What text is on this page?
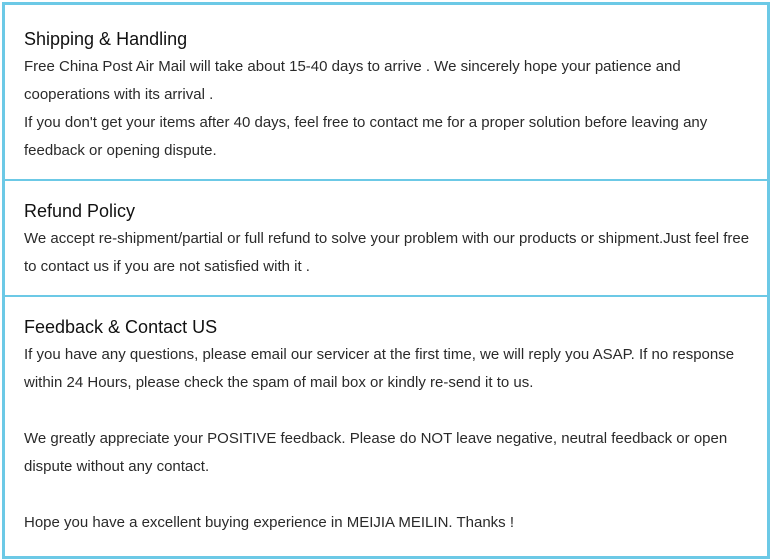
Shipping & Handling

Free China Post Air Mail will take about 15-40 days to arrive . We sincerely hope your patience and cooperations with its arrival .

If you don't get your items after 40 days, feel free to contact me for a proper solution before leaving any feedback or opening dispute.

Refund Policy

We accept re-shipment/partial or full refund to solve your problem with our products or shipment.Just feel free to contact us if you are not satisfied with it .

Feedback & Contact US

If you have any questions, please email our servicer at the first time, we will reply you ASAP. If no response within 24 Hours, please check the spam of mail box or kindly re-send it to us.

We greatly appreciate your POSITIVE feedback. Please do NOT leave negative, neutral feedback or open dispute without any contact.

Hope you have a excellent buying experience in MEIJIA MEILIN. Thanks !
